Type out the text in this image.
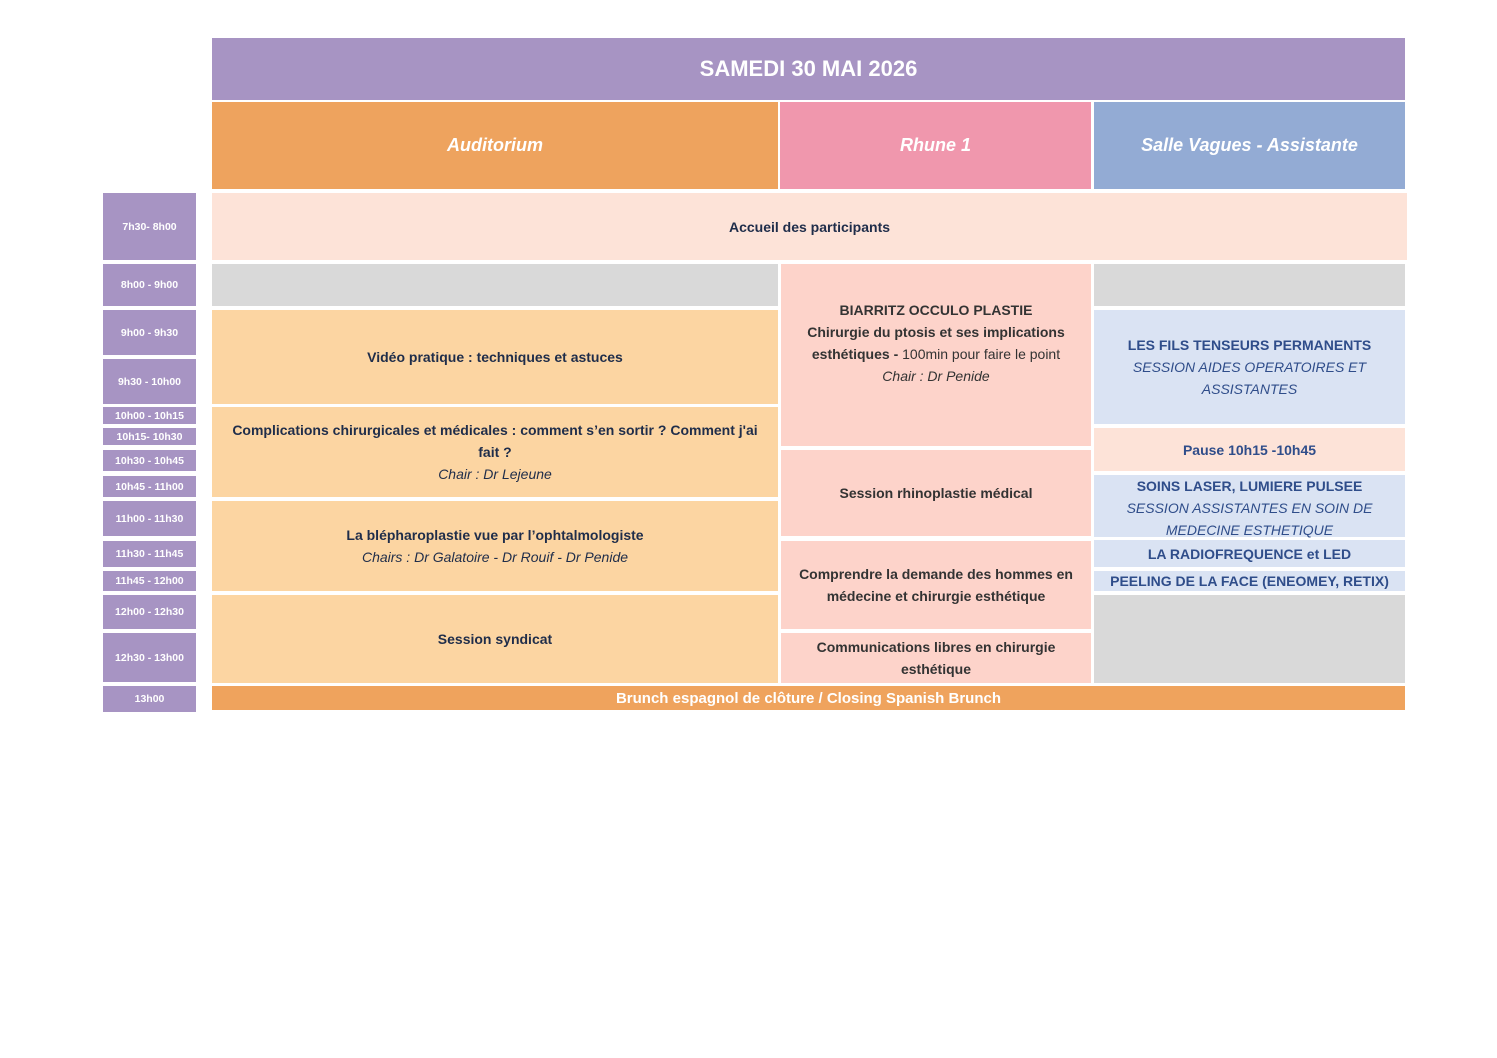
SAMEDI 30 MAI 2026
Auditorium	Rhune 1	Salle Vagues - Assistante
7h30- 8h00
8h00 - 9h00
9h00 - 9h30
9h30 - 10h00
10h00 - 10h15
10h15- 10h30
10h30 - 10h45
10h45 - 11h00
11h00 - 11h30
11h30 - 11h45
11h45 - 12h00
12h00 - 12h30
12h30 - 13h00
13h00
Accueil des participants
Vidéo pratique : techniques et astuces
Complications chirurgicales et médicales : comment s’en sortir ? Comment j'ai fait ?
Chair : Dr Lejeune
La blépharoplastie vue par l’ophtalmologiste
Chairs : Dr Galatoire - Dr Rouif - Dr Penide
Session syndicat
BIARRITZ OCCULO PLASTIE
Chirurgie du ptosis et ses implications esthétiques - 100min pour faire le point
Chair : Dr Penide
Session rhinoplastie médical
Comprendre la demande des hommes en médecine et chirurgie esthétique
Communications libres en chirurgie esthétique
LES FILS TENSEURS PERMANENTS
SESSION AIDES OPERATOIRES ET ASSISTANTES
Pause 10h15 -10h45
SOINS LASER, LUMIERE PULSEE
SESSION ASSISTANTES EN SOIN DE MEDECINE ESTHETIQUE
LA RADIOFREQUENCE et LED
PEELING DE LA FACE (ENEOMEY, RETIX)
Brunch espagnol de clôture / Closing Spanish Brunch
